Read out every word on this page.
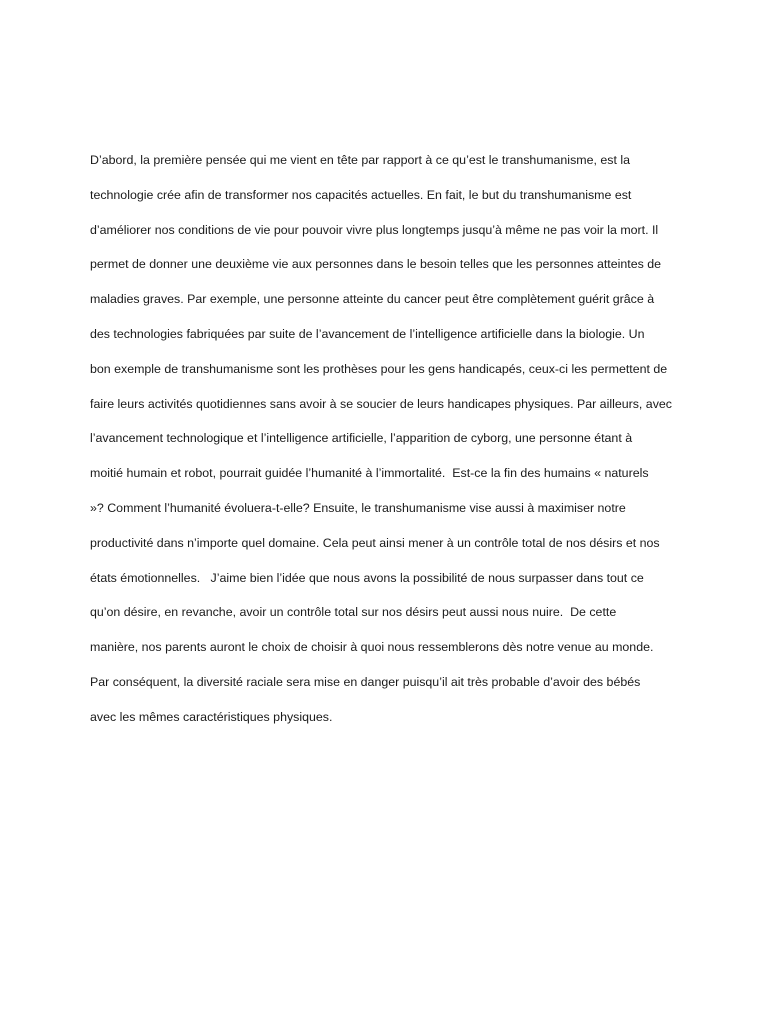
D’abord, la première pensée qui me vient en tête par rapport à ce qu’est le transhumanisme, est la
technologie crée afin de transformer nos capacités actuelles. En fait, le but du transhumanisme est
d’améliorer nos conditions de vie pour pouvoir vivre plus longtemps jusqu’à même ne pas voir la mort. Il
permet de donner une deuxième vie aux personnes dans le besoin telles que les personnes atteintes de
maladies graves. Par exemple, une personne atteinte du cancer peut être complètement guérit grâce à
des technologies fabriquées par suite de l’avancement de l’intelligence artificielle dans la biologie. Un
bon exemple de transhumanisme sont les prothèses pour les gens handicapés, ceux-ci les permettent de
faire leurs activités quotidiennes sans avoir à se soucier de leurs handicapes physiques. Par ailleurs, avec
l’avancement technologique et l’intelligence artificielle, l’apparition de cyborg, une personne étant à
moitié humain et robot, pourrait guidée l’humanité à l’immortalité.  Est-ce la fin des humains « naturels
»? Comment l’humanité évoluera-t-elle? Ensuite, le transhumanisme vise aussi à maximiser notre
productivité dans n’importe quel domaine. Cela peut ainsi mener à un contrôle total de nos désirs et nos
états émotionnelles.   J’aime bien l’idée que nous avons la possibilité de nous surpasser dans tout ce
qu’on désire, en revanche, avoir un contrôle total sur nos désirs peut aussi nous nuire.  De cette
manière, nos parents auront le choix de choisir à quoi nous ressemblerons dès notre venue au monde.
Par conséquent, la diversité raciale sera mise en danger puisqu’il ait très probable d’avoir des bébés
avec les mêmes caractéristiques physiques.
